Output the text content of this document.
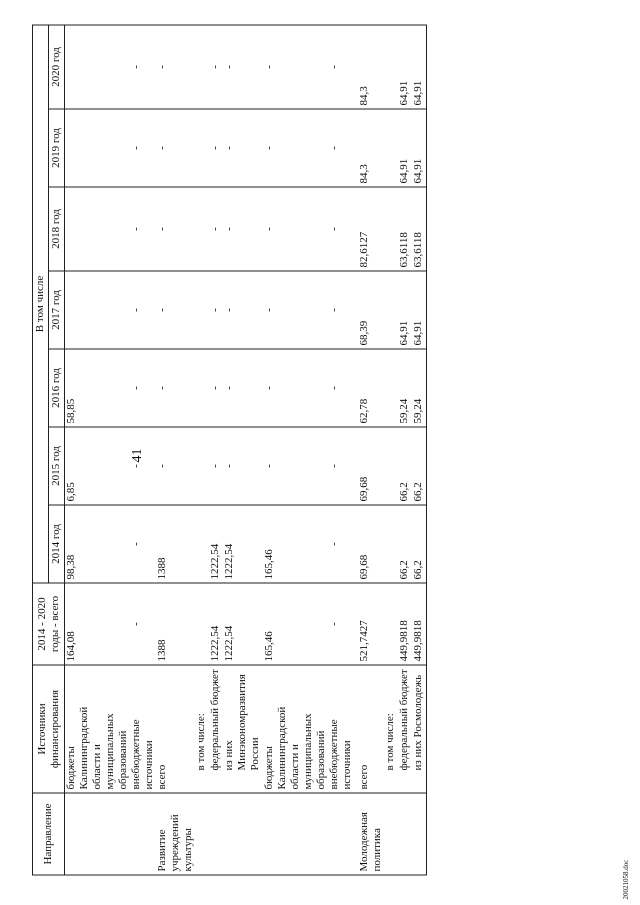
41
20021058.doc
Направление	Источники финансирования	2014 - 2020 годы - всего	В том числе						
			2014 год	2015 год	2016 год	2017 год	2018 год	2019 год	2020 год
	бюджеты Калининградской области и муниципальных образований	164,08	98,38	6,85	58,85				
	внебюджетные источники	-	-	-	-	-	-	-	-
Развитие учреждений культуры	всего	1388	1388	-	-	-	-	-	-
	в том числе:								
	федеральный бюджет	1222,54	1222,54	-	-	-	-	-	-
	из них Минэкономразвития России	1222,54	1222,54	-	-	-	-	-	-
	бюджеты Калининградской области и муниципальных образований	165,46	165,46	-	-	-	-	-	-
	внебюджетные источники	-	-	-	-	-	-	-	-
Молодежная политика	всего	521,7427	69,68	69,68	62,78	68,39	82,6127	84,3	84,3
	в том числе:								
	федеральный бюджет	449,9818	66,2	66,2	59,24	64,91	63,6118	64,91	64,91
	из них Росмолодежь	449,9818	66,2	66,2	59,24	64,91	63,6118	64,91	64,91
